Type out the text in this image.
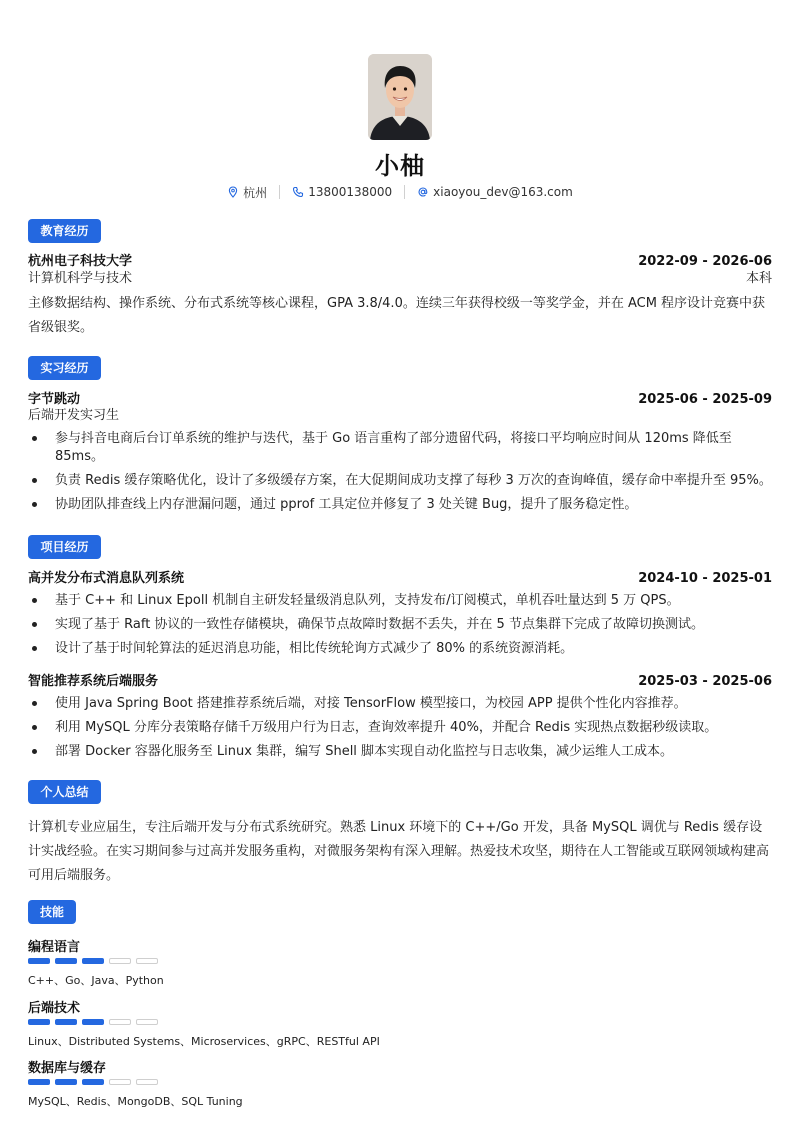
小柚
杭州	13800138000	xiaoyou_dev@163.com
教育经历
杭州电子科技大学	2022-09 - 2026-06
计算机科学与技术	本科
主修数据结构、操作系统、分布式系统等核心课程，GPA 3.8/4.0。连续三年获得校级一等奖学金，并在 ACM 程序设计竞赛中获省级银奖。
实习经历
字节跳动	2025-06 - 2025-09
后端开发实习生
参与抖音电商后台订单系统的维护与迭代，基于 Go 语言重构了部分遗留代码，将接口平均响应时间从 120ms 降低至 85ms。
负责 Redis 缓存策略优化，设计了多级缓存方案，在大促期间成功支撑了每秒 3 万次的查询峰值，缓存命中率提升至 95%。
协助团队排查线上内存泄漏问题，通过 pprof 工具定位并修复了 3 处关键 Bug，提升了服务稳定性。
项目经历
高并发分布式消息队列系统	2024-10 - 2025-01
基于 C++ 和 Linux Epoll 机制自主研发轻量级消息队列，支持发布/订阅模式，单机吞吐量达到 5 万 QPS。
实现了基于 Raft 协议的一致性存储模块，确保节点故障时数据不丢失，并在 5 节点集群下完成了故障切换测试。
设计了基于时间轮算法的延迟消息功能，相比传统轮询方式减少了 80% 的系统资源消耗。
智能推荐系统后端服务	2025-03 - 2025-06
使用 Java Spring Boot 搭建推荐系统后端，对接 TensorFlow 模型接口，为校园 APP 提供个性化内容推荐。
利用 MySQL 分库分表策略存储千万级用户行为日志，查询效率提升 40%，并配合 Redis 实现热点数据秒级读取。
部署 Docker 容器化服务至 Linux 集群，编写 Shell 脚本实现自动化监控与日志收集，减少运维人工成本。
个人总结
计算机专业应届生，专注后端开发与分布式系统研究。熟悉 Linux 环境下的 C++/Go 开发，具备 MySQL 调优与 Redis 缓存设计实战经验。在实习期间参与过高并发服务重构，对微服务架构有深入理解。热爱技术攻坚，期待在人工智能或互联网领域构建高可用后端服务。
技能
编程语言
C++、Go、Java、Python
后端技术
Linux、Distributed Systems、Microservices、gRPC、RESTful API
数据库与缓存
MySQL、Redis、MongoDB、SQL Tuning
